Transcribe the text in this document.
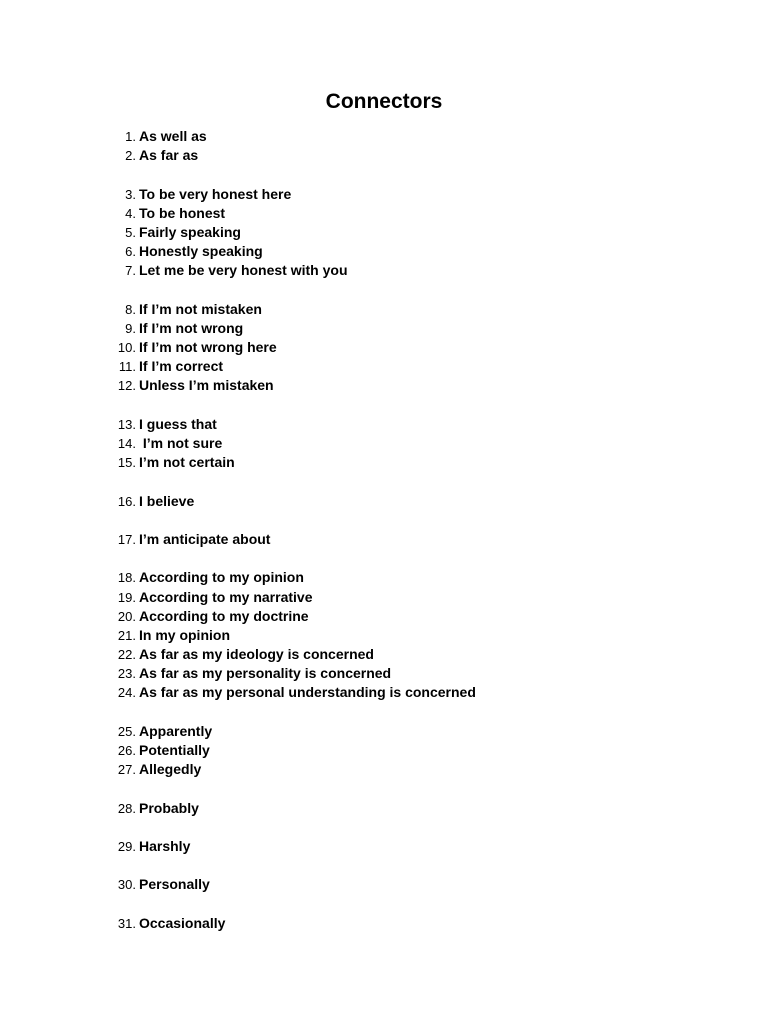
Connectors
1. As well as
2. As far as
3. To be very honest here
4. To be honest
5. Fairly speaking
6. Honestly speaking
7. Let me be very honest with you
8. If I’m not mistaken
9. If I’m not wrong
10. If I’m not wrong here
11. If I’m correct
12. Unless I’m mistaken
13. I guess that
14. I’m not sure
15. I’m not certain
16. I believe
17. I’m anticipate about
18. According to my opinion
19. According to my narrative
20. According to my doctrine
21. In my opinion
22. As far as my ideology is concerned
23. As far as my personality is concerned
24. As far as my personal understanding is concerned
25. Apparently
26. Potentially
27. Allegedly
28. Probably
29. Harshly
30. Personally
31. Occasionally
